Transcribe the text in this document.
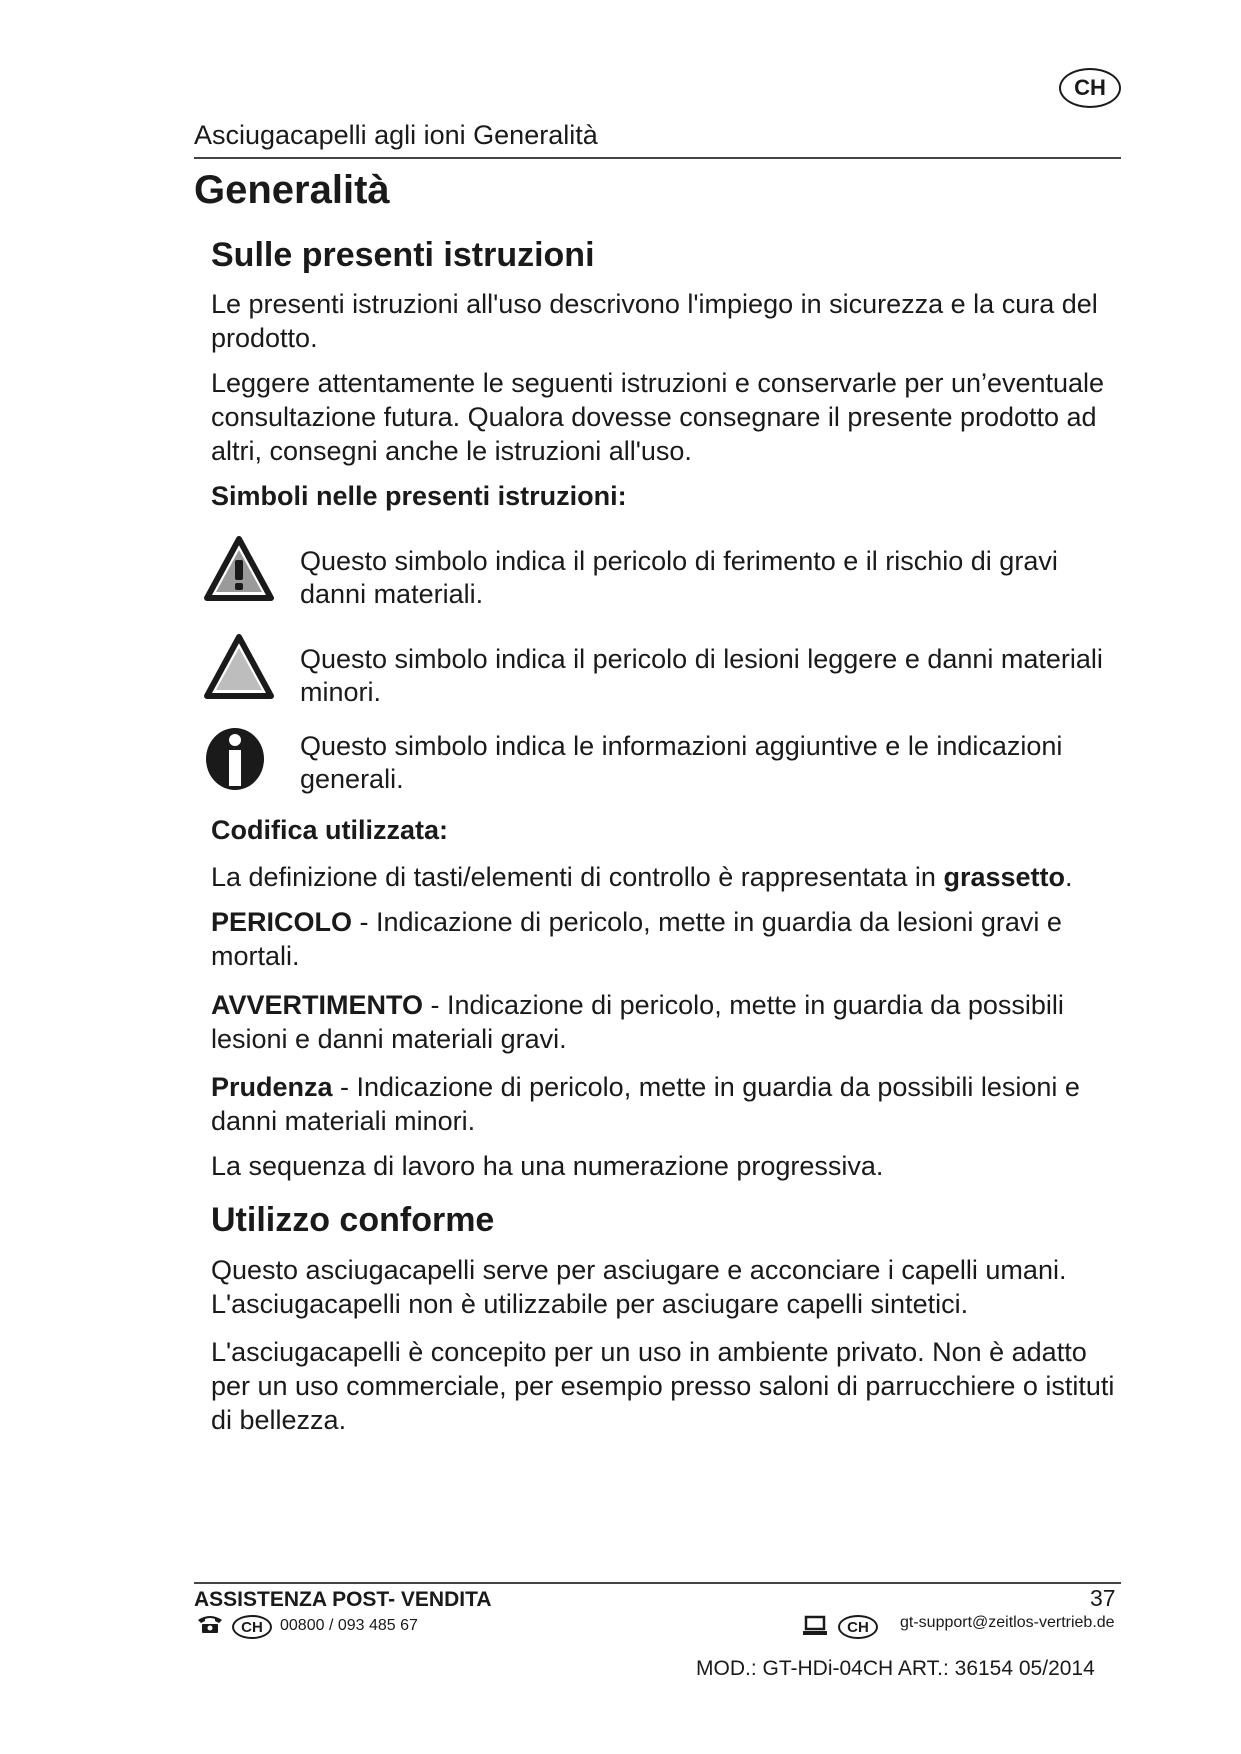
CH
Asciugacapelli agli ioni Generalità
Generalità
Sulle presenti istruzioni
Le presenti istruzioni all'uso descrivono l'impiego in sicurezza e la cura del
prodotto.
Leggere attentamente le seguenti istruzioni e conservarle per un’eventuale
consultazione futura. Qualora dovesse consegnare il presente prodotto ad
altri, consegni anche le istruzioni all'uso.
Simboli nelle presenti istruzioni:
Questo simbolo indica il pericolo di ferimento e il rischio di gravi
danni materiali.
Questo simbolo indica il pericolo di lesioni leggere e danni materiali
minori.
Questo simbolo indica le informazioni aggiuntive e le indicazioni
generali.
Codifica utilizzata:
La definizione di tasti/elementi di controllo è rappresentata in grassetto.
PERICOLO - Indicazione di pericolo, mette in guardia da lesioni gravi e
mortali.
AVVERTIMENTO - Indicazione di pericolo, mette in guardia da possibili
lesioni e danni materiali gravi.
Prudenza - Indicazione di pericolo, mette in guardia da possibili lesioni e
danni materiali minori.
La sequenza di lavoro ha una numerazione progressiva.
Utilizzo conforme
Questo asciugacapelli serve per asciugare e acconciare i capelli umani.
L'asciugacapelli non è utilizzabile per asciugare capelli sintetici.
L'asciugacapelli è concepito per un uso in ambiente privato. Non è adatto
per un uso commerciale, per esempio presso saloni di parrucchiere o istituti
di bellezza.
ASSISTENZA POST- VENDITA	37
CH	00800 / 093 485 67	CH	gt-support@zeitlos-vertrieb.de
MOD.: GT-HDi-04CH ART.: 36154 05/2014
